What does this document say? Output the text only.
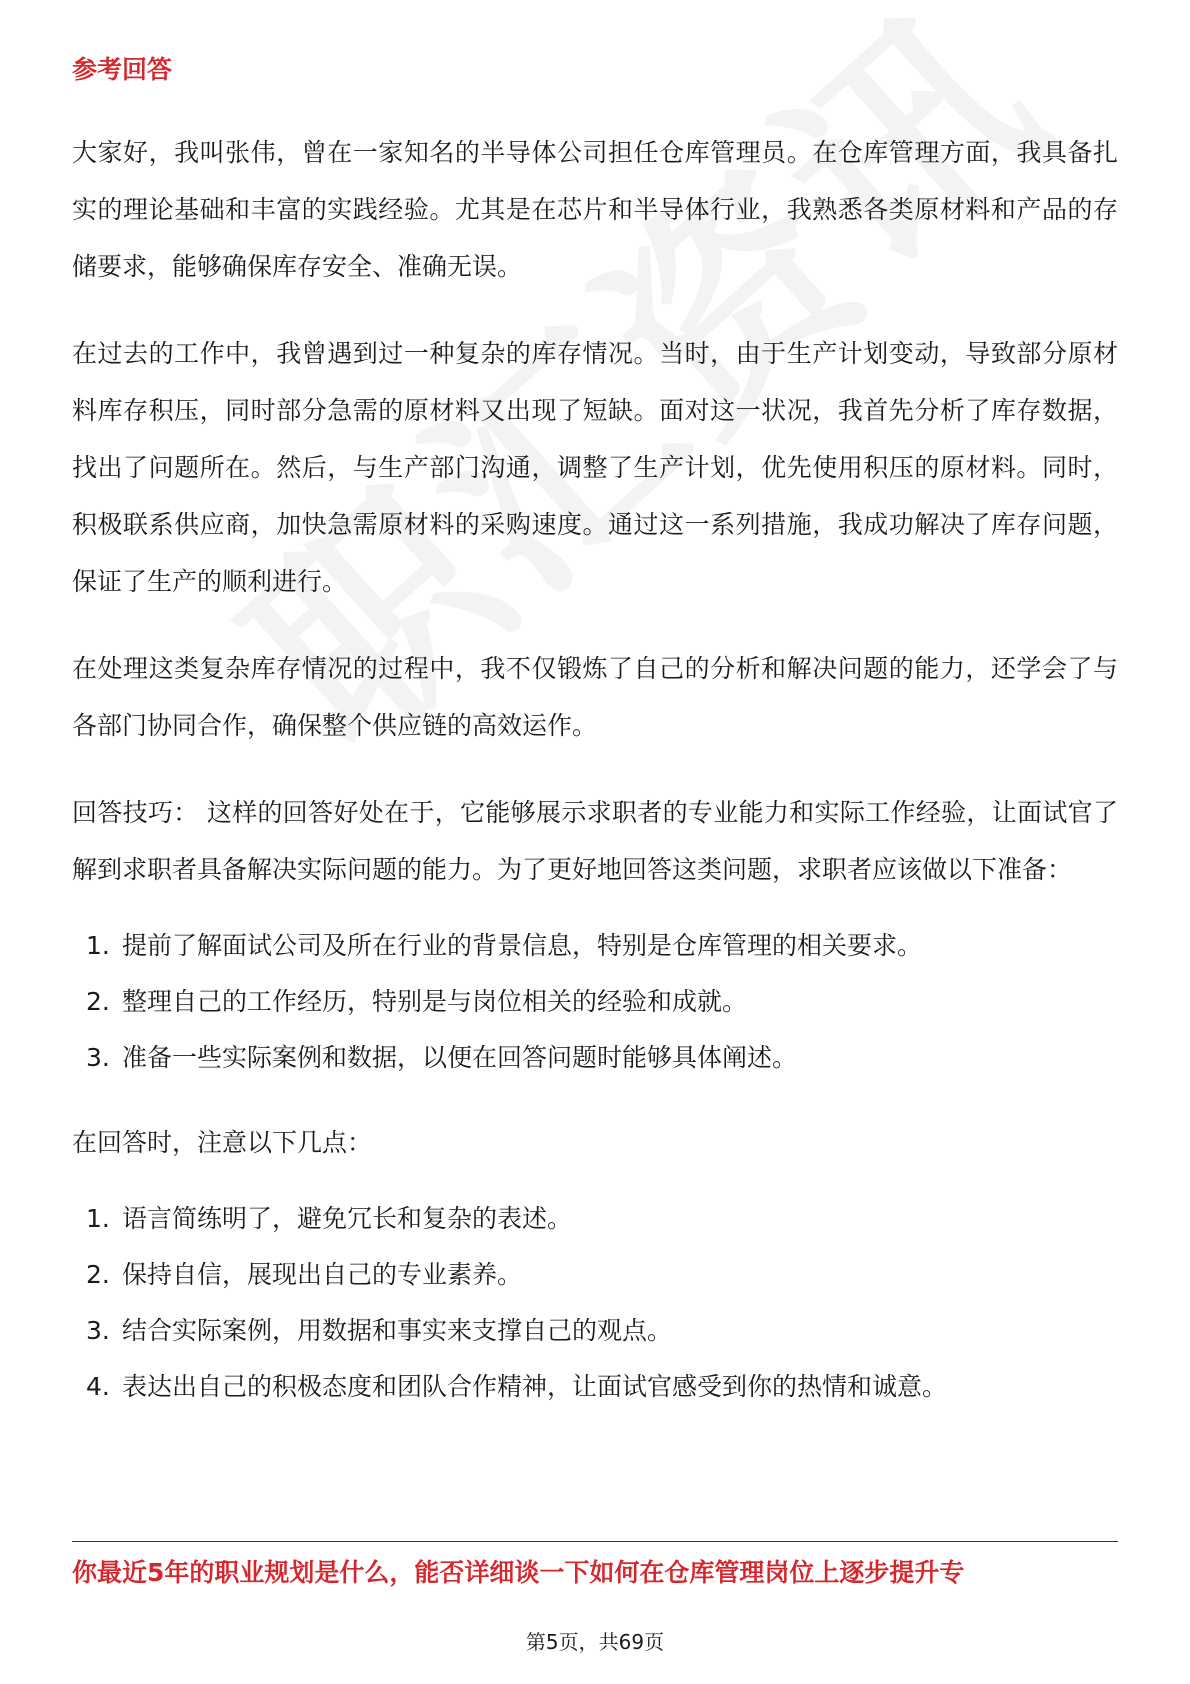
参考回答

大家好，我叫张伟，曾在一家知名的半导体公司担任仓库管理员。在仓库管理方面，我具备扎实的理论基础和丰富的实践经验。尤其是在芯片和半导体行业，我熟悉各类原材料和产品的存储要求，能够确保库存安全、准确无误。

在过去的工作中，我曾遇到过一种复杂的库存情况。当时，由于生产计划变动，导致部分原材料库存积压，同时部分急需的原材料又出现了短缺。面对这一状况，我首先分析了库存数据，找出了问题所在。然后，与生产部门沟通，调整了生产计划，优先使用积压的原材料。同时，积极联系供应商，加快急需原材料的采购速度。通过这一系列措施，我成功解决了库存问题，保证了生产的顺利进行。

在处理这类复杂库存情况的过程中，我不仅锻炼了自己的分析和解决问题的能力，还学会了与各部门协同合作，确保整个供应链的高效运作。

回答技巧： 这样的回答好处在于，它能够展示求职者的专业能力和实际工作经验，让面试官了解到求职者具备解决实际问题的能力。为了更好地回答这类问题，求职者应该做以下准备：

1. 提前了解面试公司及所在行业的背景信息，特别是仓库管理的相关要求。
2. 整理自己的工作经历，特别是与岗位相关的经验和成就。
3. 准备一些实际案例和数据，以便在回答问题时能够具体阐述。

在回答时，注意以下几点：

1. 语言简练明了，避免冗长和复杂的表述。
2. 保持自信，展现出自己的专业素养。
3. 结合实际案例，用数据和事实来支撑自己的观点。
4. 表达出自己的积极态度和团队合作精神，让面试官感受到你的热情和诚意。
你最近5年的职业规划是什么，能否详细谈一下如何在仓库管理岗位上逐步提升专
第5页，共69页
